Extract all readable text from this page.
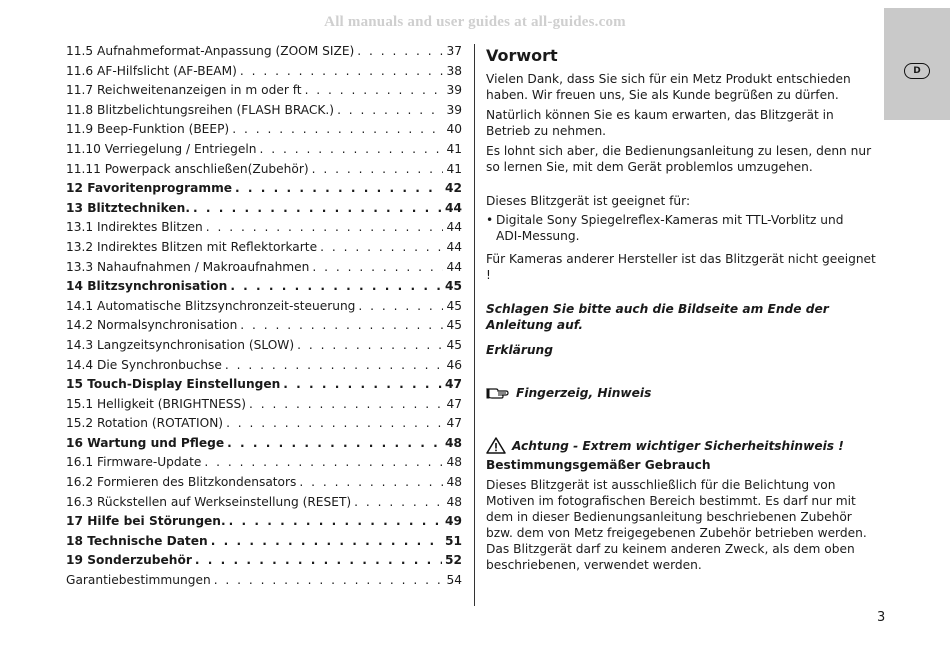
All manuals and user guides at all-guides.com
11.5 Aufnahmeformat-Anpassung (ZOOM SIZE) . . .	37
11.6 AF-Hilfslicht (AF-BEAM) . . .	38
11.7 Reichweitenanzeigen in m oder ft . . .	39
11.8 Blitzbelichtungsreihen (FLASH BRACK.) . . .	39
11.9 Beep-Funktion (BEEP) . . .	40
11.10 Verriegelung / Entriegeln . . .	41
11.11 Powerpack anschließen(Zubehör) . . .	41
12 Favoritenprogramme . . .	42
13 Blitztechniken. . . .	44
13.1 Indirektes Blitzen . . .	44
13.2 Indirektes Blitzen mit Reflektorkarte . . .	44
13.3 Nahaufnahmen / Makroaufnahmen . . .	44
14 Blitzsynchronisation . . .	45
14.1 Automatische Blitzsynchronzeit-steuerung . . .	45
14.2 Normalsynchronisation . . .	45
14.3 Langzeitsynchronisation (SLOW) . . .	45
14.4 Die Synchronbuchse . . .	46
15 Touch-Display Einstellungen . . .	47
15.1 Helligkeit (BRIGHTNESS) . . .	47
15.2 Rotation (ROTATION) . . .	47
16 Wartung und Pflege . . .	48
16.1 Firmware-Update . . .	48
16.2 Formieren des Blitzkondensators . . .	48
16.3 Rückstellen auf Werkseinstellung (RESET) . . .	48
17 Hilfe bei Störungen. . . .	49
18 Technische Daten . . .	51
19 Sonderzubehör . . .	52
Garantiebestimmungen . . .	54
Vorwort

Vielen Dank, dass Sie sich für ein Metz Produkt entschieden haben. Wir freuen uns, Sie als Kunde begrüßen zu dürfen.

Natürlich können Sie es kaum erwarten, das Blitzgerät in Betrieb zu nehmen.

Es lohnt sich aber, die Bedienungsanleitung zu lesen, denn nur so lernen Sie, mit dem Gerät problemlos umzugehen.

Dieses Blitzgerät ist geeignet für:

• Digitale Sony Spiegelreflex-Kameras mit TTL-Vorblitz und
ADI-Messung.

Für Kameras anderer Hersteller ist das Blitzgerät nicht geeignet !

Schlagen Sie bitte auch die Bildseite am Ende der Anleitung auf.

Erklärung

Fingerzeig, Hinweis
Achtung - Extrem wichtiger Sicherheitshinweis !

Bestimmungsgemäßer Gebrauch

Dieses Blitzgerät ist ausschließlich für die Belichtung von Motiven im fotografischen Bereich bestimmt. Es darf nur mit dem in dieser Bedienungsanleitung beschriebenen Zubehör bzw. dem von Metz freigegebenen Zubehör betrieben werden.

Das Blitzgerät darf zu keinem anderen Zweck, als dem oben beschriebenen, verwendet werden.

D
3
